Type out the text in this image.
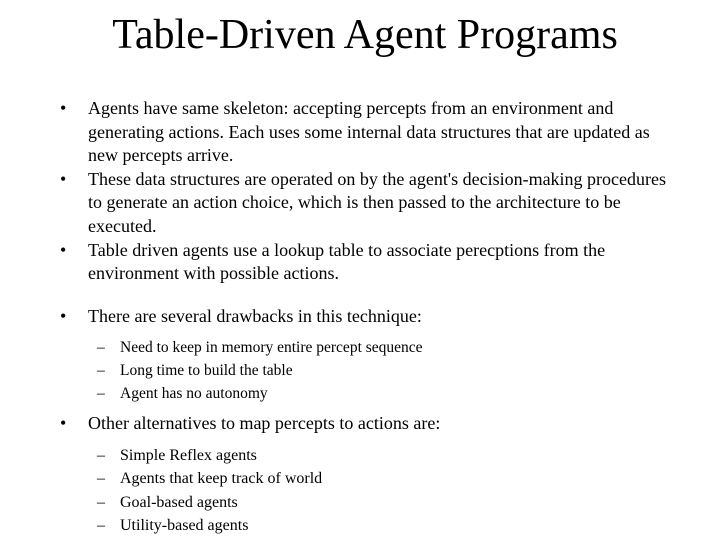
Table-Driven Agent Programs
• Agents have same skeleton: accepting percepts from an environment and generating actions. Each uses some internal data structures that are updated as new percepts arrive.
• These data structures are operated on by the agent's decision-making procedures to generate an action choice, which is then passed to the architecture to be executed.
• Table driven agents use a lookup table to associate perecptions from the environment with possible actions.
• There are several drawbacks in this technique:
– Need to keep in memory entire percept sequence
– Long time to build the table
– Agent has no autonomy
• Other alternatives to map percepts to actions are:
– Simple Reflex agents
– Agents that keep track of world
– Goal-based agents
– Utility-based agents
